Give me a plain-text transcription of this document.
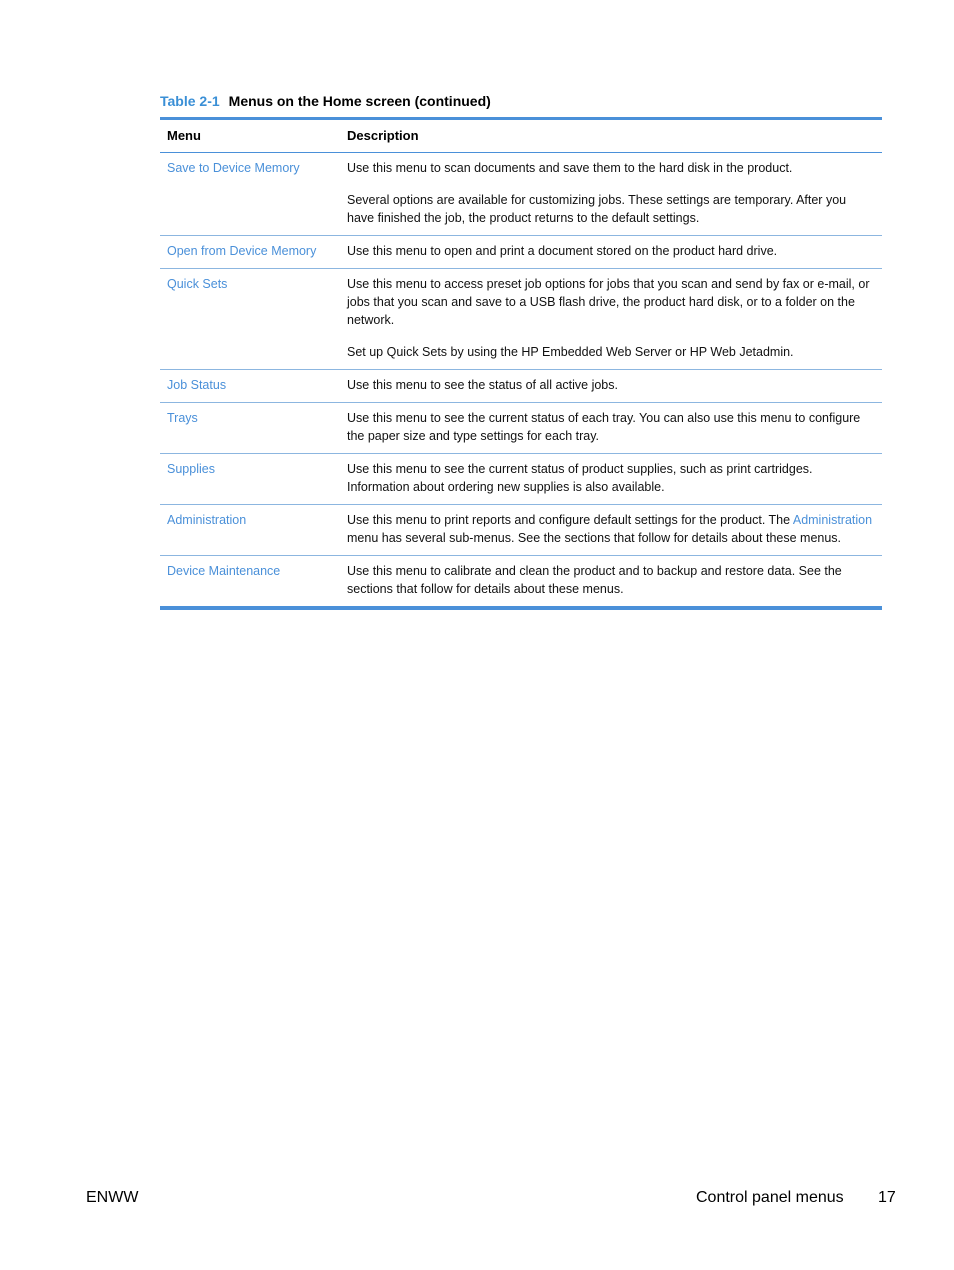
Table 2-1 Menus on the Home screen (continued)
Menu	Description
Save to Device Memory	Use this menu to scan documents and save them to the hard disk in the product.

Several options are available for customizing jobs. These settings are temporary. After you have finished the job, the product returns to the default settings.

Open from Device Memory	Use this menu to open and print a document stored on the product hard drive.

Quick Sets	Use this menu to access preset job options for jobs that you scan and send by fax or e-mail, or jobs that you scan and save to a USB flash drive, the product hard disk, or to a folder on the network.

Set up Quick Sets by using the HP Embedded Web Server or HP Web Jetadmin.

Job Status	Use this menu to see the status of all active jobs.

Trays	Use this menu to see the current status of each tray. You can also use this menu to configure the paper size and type settings for each tray.

Supplies	Use this menu to see the current status of product supplies, such as print cartridges. Information about ordering new supplies is also available.

Administration	Use this menu to print reports and configure default settings for the product. The Administration menu has several sub-menus. See the sections that follow for details about these menus.

Device Maintenance	Use this menu to calibrate and clean the product and to backup and restore data. See the sections that follow for details about these menus.

ENWW	Control panel menus 17
